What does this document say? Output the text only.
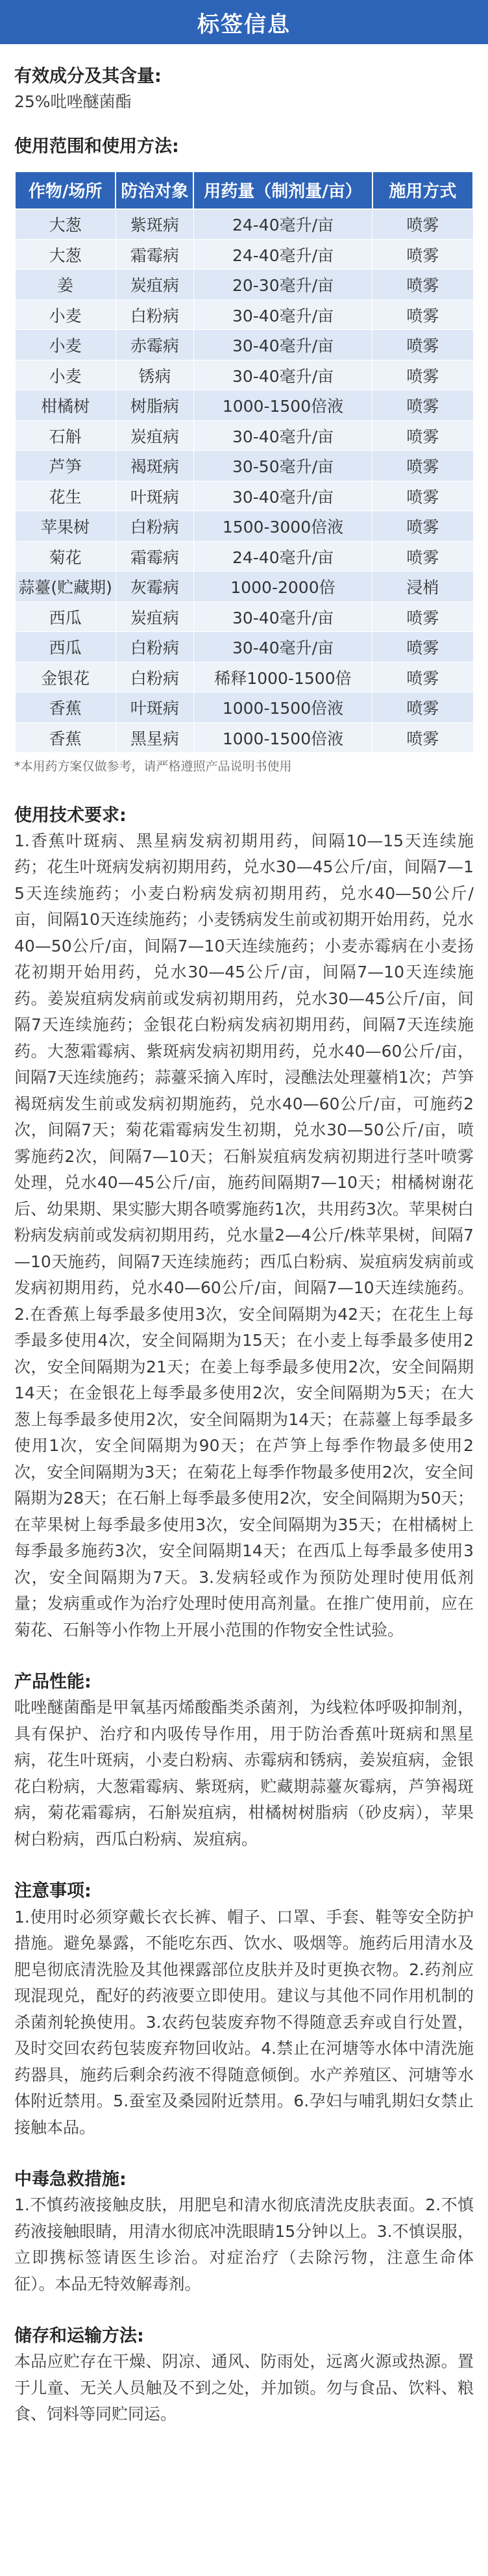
标签信息
有效成分及其含量:
25%吡唑醚菌酯
使用范围和使用方法:
作物/场所	防治对象	用药量（制剂量/亩）	施用方式
大葱	紫斑病	24-40毫升/亩	喷雾
大葱	霜霉病	24-40毫升/亩	喷雾
姜	炭疽病	20-30毫升/亩	喷雾
小麦	白粉病	30-40毫升/亩	喷雾
小麦	赤霉病	30-40毫升/亩	喷雾
小麦	锈病	30-40毫升/亩	喷雾
柑橘树	树脂病	1000-1500倍液	喷雾
石斛	炭疽病	30-40毫升/亩	喷雾
芦笋	褐斑病	30-50毫升/亩	喷雾
花生	叶斑病	30-40毫升/亩	喷雾
苹果树	白粉病	1500-3000倍液	喷雾
菊花	霜霉病	24-40毫升/亩	喷雾
蒜薹(贮藏期)	灰霉病	1000-2000倍	浸梢
西瓜	炭疽病	30-40毫升/亩	喷雾
西瓜	白粉病	30-40毫升/亩	喷雾
金银花	白粉病	稀释1000-1500倍	喷雾
香蕉	叶斑病	1000-1500倍液	喷雾
香蕉	黑星病	1000-1500倍液	喷雾
*本用药方案仅做参考，请严格遵照产品说明书使用
使用技术要求:
1.香蕉叶斑病、黑星病发病初期用药，间隔10—15天连续施药；花生叶斑病发病初期用药，兑水30—45公斤/亩，间隔7—15天连续施药；小麦白粉病发病初期用药，兑水40—50公斤/亩，间隔10天连续施药；小麦锈病发生前或初期开始用药，兑水40—50公斤/亩，间隔7—10天连续施药；小麦赤霉病在小麦扬花初期开始用药，兑水30—45公斤/亩，间隔7—10天连续施药。姜炭疽病发病前或发病初期用药，兑水30—45公斤/亩，间隔7天连续施药；金银花白粉病发病初期用药，间隔7天连续施药。大葱霜霉病、紫斑病发病初期用药，兑水40—60公斤/亩，间隔7天连续施药；蒜薹采摘入库时，浸醮法处理薹梢1次；芦笋褐斑病发生前或发病初期施药，兑水40—60公斤/亩，可施药2次，间隔7天；菊花霜霉病发生初期，兑水30—50公斤/亩，喷雾施药2次，间隔7—10天；石斛炭疽病发病初期进行茎叶喷雾处理，兑水40—45公斤/亩，施药间隔期7—10天；柑橘树谢花后、幼果期、果实膨大期各喷雾施药1次，共用药3次。苹果树白粉病发病前或发病初期用药，兑水量2—4公斤/株苹果树，间隔7—10天施药，间隔7天连续施药；西瓜白粉病、炭疽病发病前或发病初期用药，兑水40—60公斤/亩，间隔7—10天连续施药。2.在香蕉上每季最多使用3次，安全间隔期为42天；在花生上每季最多使用4次，安全间隔期为15天；在小麦上每季最多使用2次，安全间隔期为21天；在姜上每季最多使用2次，安全间隔期14天；在金银花上每季最多使用2次，安全间隔期为5天；在大葱上每季最多使用2次，安全间隔期为14天；在蒜薹上每季最多使用1次，安全间隔期为90天；在芦笋上每季作物最多使用2次，安全间隔期为3天；在菊花上每季作物最多使用2次，安全间隔期为28天；在石斛上每季最多使用2次，安全间隔期为50天；在苹果树上每季最多使用3次，安全间隔期为35天；在柑橘树上每季最多施药3次，安全间隔期14天；在西瓜上每季最多使用3次，安全间隔期为7天。3.发病轻或作为预防处理时使用低剂量；发病重或作为治疗处理时使用高剂量。在推广使用前，应在菊花、石斛等小作物上开展小范围的作物安全性试验。
产品性能:
吡唑醚菌酯是甲氧基丙烯酸酯类杀菌剂，为线粒体呼吸抑制剂，具有保护、治疗和内吸传导作用，用于防治香蕉叶斑病和黑星病，花生叶斑病，小麦白粉病、赤霉病和锈病，姜炭疽病，金银花白粉病，大葱霜霉病、紫斑病，贮藏期蒜薹灰霉病，芦笋褐斑病，菊花霜霉病，石斛炭疽病，柑橘树树脂病（砂皮病），苹果树白粉病，西瓜白粉病、炭疽病。
注意事项:
1.使用时必须穿戴长衣长裤、帽子、口罩、手套、鞋等安全防护措施。避免暴露，不能吃东西、饮水、吸烟等。施药后用清水及肥皂彻底清洗脸及其他裸露部位皮肤并及时更换衣物。2.药剂应现混现兑，配好的药液要立即使用。建议与其他不同作用机制的杀菌剂轮换使用。3.农药包装废弃物不得随意丢弃或自行处置，及时交回农药包装废弃物回收站。4.禁止在河塘等水体中清洗施药器具，施药后剩余药液不得随意倾倒。水产养殖区、河塘等水体附近禁用。5.蚕室及桑园附近禁用。6.孕妇与哺乳期妇女禁止接触本品。
中毒急救措施:
1.不慎药液接触皮肤，用肥皂和清水彻底清洗皮肤表面。2.不慎药液接触眼睛，用清水彻底冲洗眼睛15分钟以上。3.不慎误服，立即携标签请医生诊治。对症治疗（去除污物，注意生命体征）。本品无特效解毒剂。
储存和运输方法:
本品应贮存在干燥、阴凉、通风、防雨处，远离火源或热源。置于儿童、无关人员触及不到之处，并加锁。勿与食品、饮料、粮食、饲料等同贮同运。
